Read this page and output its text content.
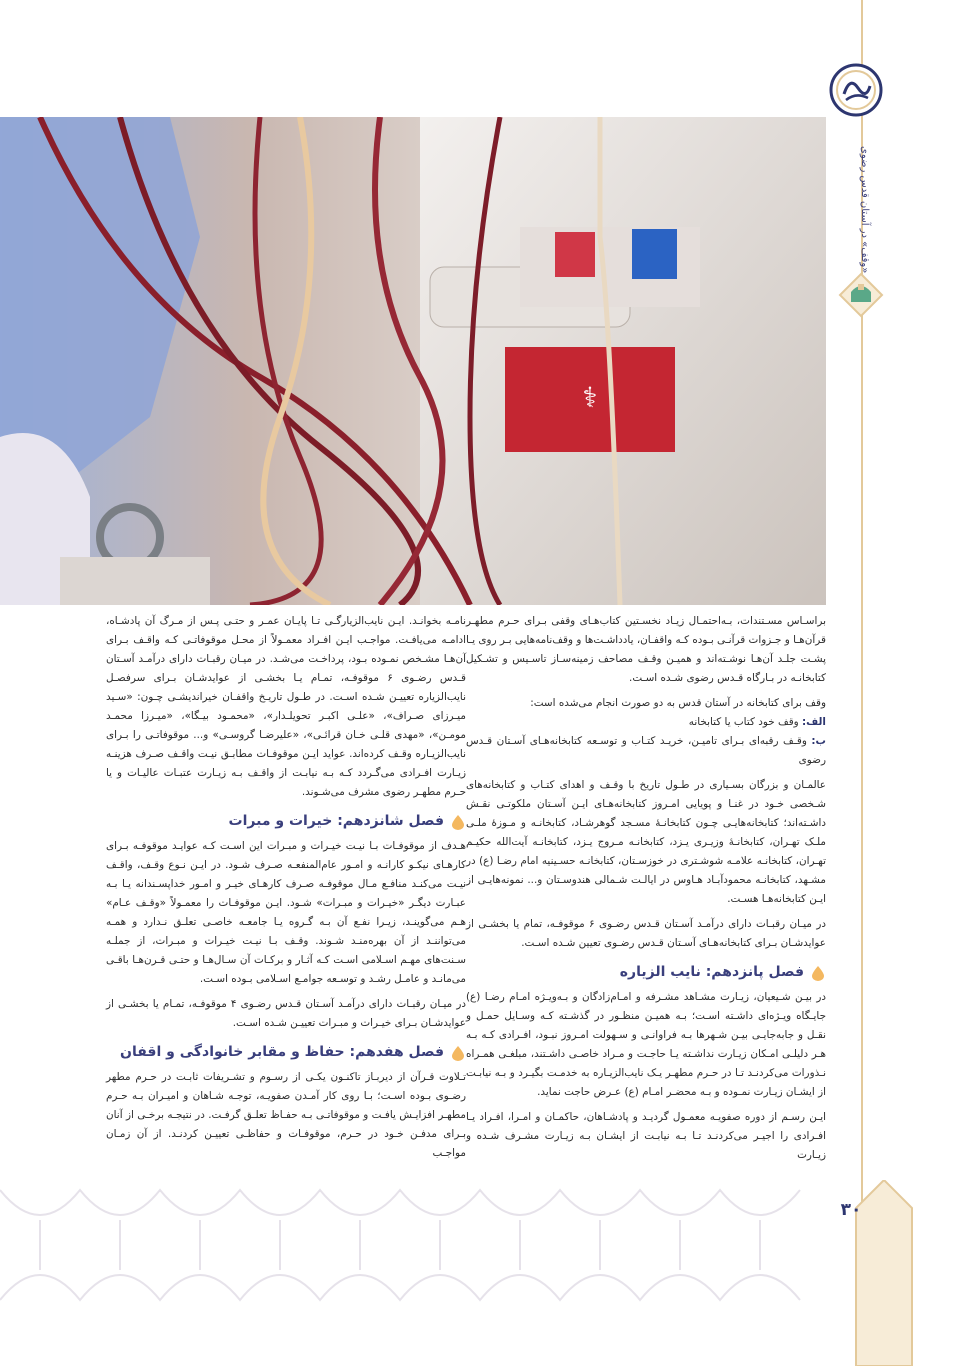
«وقف» در آستان قدس رضوی
⚕

براسـاس مسـتندات، بـه‌احتمـال زیـاد نخسـتین کتاب‌هـای وقفی بـرای حـرم مطهـر قرآن‌هـا و جـزوات قرآنـی بـوده کـه واقفـان، یادداشـت‌ها و وقف‌نامه‌هایی بـر روی یـا پشـت جلـد آن‌هـا نوشـته‌اند و همیـن وقـف مصاحف زمینه‌سـاز تاسـیس و تشـکیل کتابخانـه در بـارگاه قـدس رضوی شـده اسـت.

وقف برای کتابخانه در آستان قدس به دو صورت انجام می‌شده است:

الف: وقف خود کتاب یا کتابخانه

ب: وقـف رقبه‌ای بـرای تامیـن، خریـد کتـاب و توسـعه کتابخانه‌هـای آسـتان قـدس رضوی

عالمـان و بزرگان بسـیاری در طـول تاریخ با وقـف و اهدای کتـاب و کتابخانه‌های شـخصی خـود در غنـا و پویایی امـروز کتابخانه‌هـای ایـن آسـتان ملکوتـی نقـش داشـته‌اند؛ کتابخانه‌هایـی چـون کتابخانـهٔ مسـجد گوهرشـاد، کتابخانـه و مـوزهٔ ملـی ملـک تهـران، کتابخانـهٔ وزیـری یـزد، کتابخانـه مـروج یـزد، کتابخانـه آیت‌الله حکیـم تهـران، کتابخانـه علامـه شوشـتری در خوزسـتان، کتابخانـه حسـینیه امام رضـا (ع) در مشـهد، کتابخانـه محمودآبـاد هـاوس در ایالـت شـمالی هندوسـتان و... نمونه‌هایـی از ایـن کتابخانه‌هـا هسـت.

در میـان رقبـات دارای درآمـد آسـتان قـدس رضـوی ۶ موقوفـه، تمام یا بخشـی از عوایدشـان بـرای کتابخانه‌هـای آسـتان قـدس رضـوی تعیین شـده اسـت.

فصل پانزدهم: نایب الزیاره

در بیـن شـیعیان، زیـارت مشـاهد مشـرفه و امـام‌زادگان و بـه‌ویـژه امـام رضـا (ع) جایـگاه ویـژه‌ای داشـته اسـت؛ بـه همیـن منظـور در گذشـته کـه وسـایل حمـل و نقـل و جابه‌جایـی بیـن شـهرها بـه فراوانـی و سـهولت امـروز نبـود، افـرادی کـه بـه هـر دلیلـی امـکان زیـارت نداشـته یـا حاجـت و مـراد خاصـی داشـتند، مبلغـی همـراه نـذورات می‌کردنـد تـا در حـرم مطهـر یـک نایب‌الزیـاره به خدمـت بگیـرد و بـه نیابـت از ایشـان زیـارت نمـوده و بـه محضـر امـام (ع) عـرض حاجت نماید.

ایـن رسـم از دوره صفویـه معمـول گردیـد و پادشـاهان، حاکمـان و امـرا، افـراد یـا افـرادی را اجیـر می‌کردنـد تـا بـه نیابـت از ایشـان بـه زیـارت مشـرف شـده و زیـارت

نامـه بخوانـد. ایـن نایب‌الزیارگـی تـا پایـان عمـر و حتـی پـس از مـرگ آن پادشـاه، ادامـه می‌یافـت. مواجـب ایـن افـراد معمـولاً از محـل موقوفاتـی کـه واقـف بـرای آن‌هـا مشـخص نمـوده بـود، پرداخـت می‌شـد. در میـان رقبـات دارای درآمـد آسـتان قـدس رضـوی ۶ موقوفـه، تمـام یـا بخشـی از عوایدشـان بـرای سرفصـل نایب‌الزیاره تعییـن شـده اسـت. در طـول تاریـخ واقفـان خیراندیشـی چـون: «سـید میـرزای صـراف»، «علـی اکبـر تحویلـدار»، «محمـود بیـگا»، «میـرزا محمـد مومـن»، «مهدی قلـی خـان قرائـی»، «علیرضـا گروسـی» و... موقوفاتـی را بـرای نایب‌الزیـاره وقـف کرده‌اند. عواید ایـن موقوفـات مطابـق نیـت واقـف صـرف هزینـه زیـارت افـرادی می‌گـردد کـه بـه نیابـت از واقـف بـه زیـارت عتبـات عالیـات و یا حـرم مطهـر رضوی مشرف می‌شـوند.

فصل شانزدهم: خیرات و مبرات

هـدف از موقوفـات بـا نیـت خیـرات و مبـرات این اسـت کـه عوایـد موقوفـه بـرای کارهـای نیکـو کارانـه و امـور عام‌المنفعـه صـرف شـود. در ایـن نـوع وقـف، واقـف نیـت می‌کنـد منافـع مـال موقوفـه صـرف کارهـای خیـر و امـور خداپسـندانه یـا بـه عبـارت دیگـر «خیـرات و مبـرات» شـود. ایـن موقوفـات را معمـولاً «وقـف عـام» هـم می‌گوینـد، زیـرا نفـع آن بـه گـروه یـا جامعـه خاصـی تعلـق نـدارد و همـه می‌تواننـد از آن بهره‌منـد شـوند. وقـف بـا نیـت خیـرات و مبـرات، از جملـه سـنت‌های مهـم اسـلامی اسـت کـه آثـار و برکـات آن سـال‌هـا و حتـی قـرن‌هـا باقـی می‌مانـد و عامـل رشـد و توسـعه جوامـع اسـلامی بـوده اسـت.

در میـان رقبـات دارای درآمـد آسـتان قـدس رضـوی ۴ موقوفـه، تمـام یا بخشـی از عوایدشـان بـرای خیـرات و مبـرات تعییـن شـده اسـت.

فصل هفدهم: حفاظ و مقابر خانوادگی و اقفان

تـلاوت قـرآن از دیربـاز تاکنـون یکـی از رسـوم و تشـریفات ثابـت در حـرم مطهر رضـوی بـوده اسـت؛ بـا روی کار آمـدن صفویـه، توجـه شـاهان و امیـران بـه حـرم مطهـر افزایـش یافـت و موقوفاتـی بـه حفـاظ تعلـق گرفـت. در نتیجـه برخـی از آنان بـرای مدفـن خـود در حـرم، موقوفـات و حفاظـی تعییـن کردنـد. از آن زمـان مواجـب

۳۰
